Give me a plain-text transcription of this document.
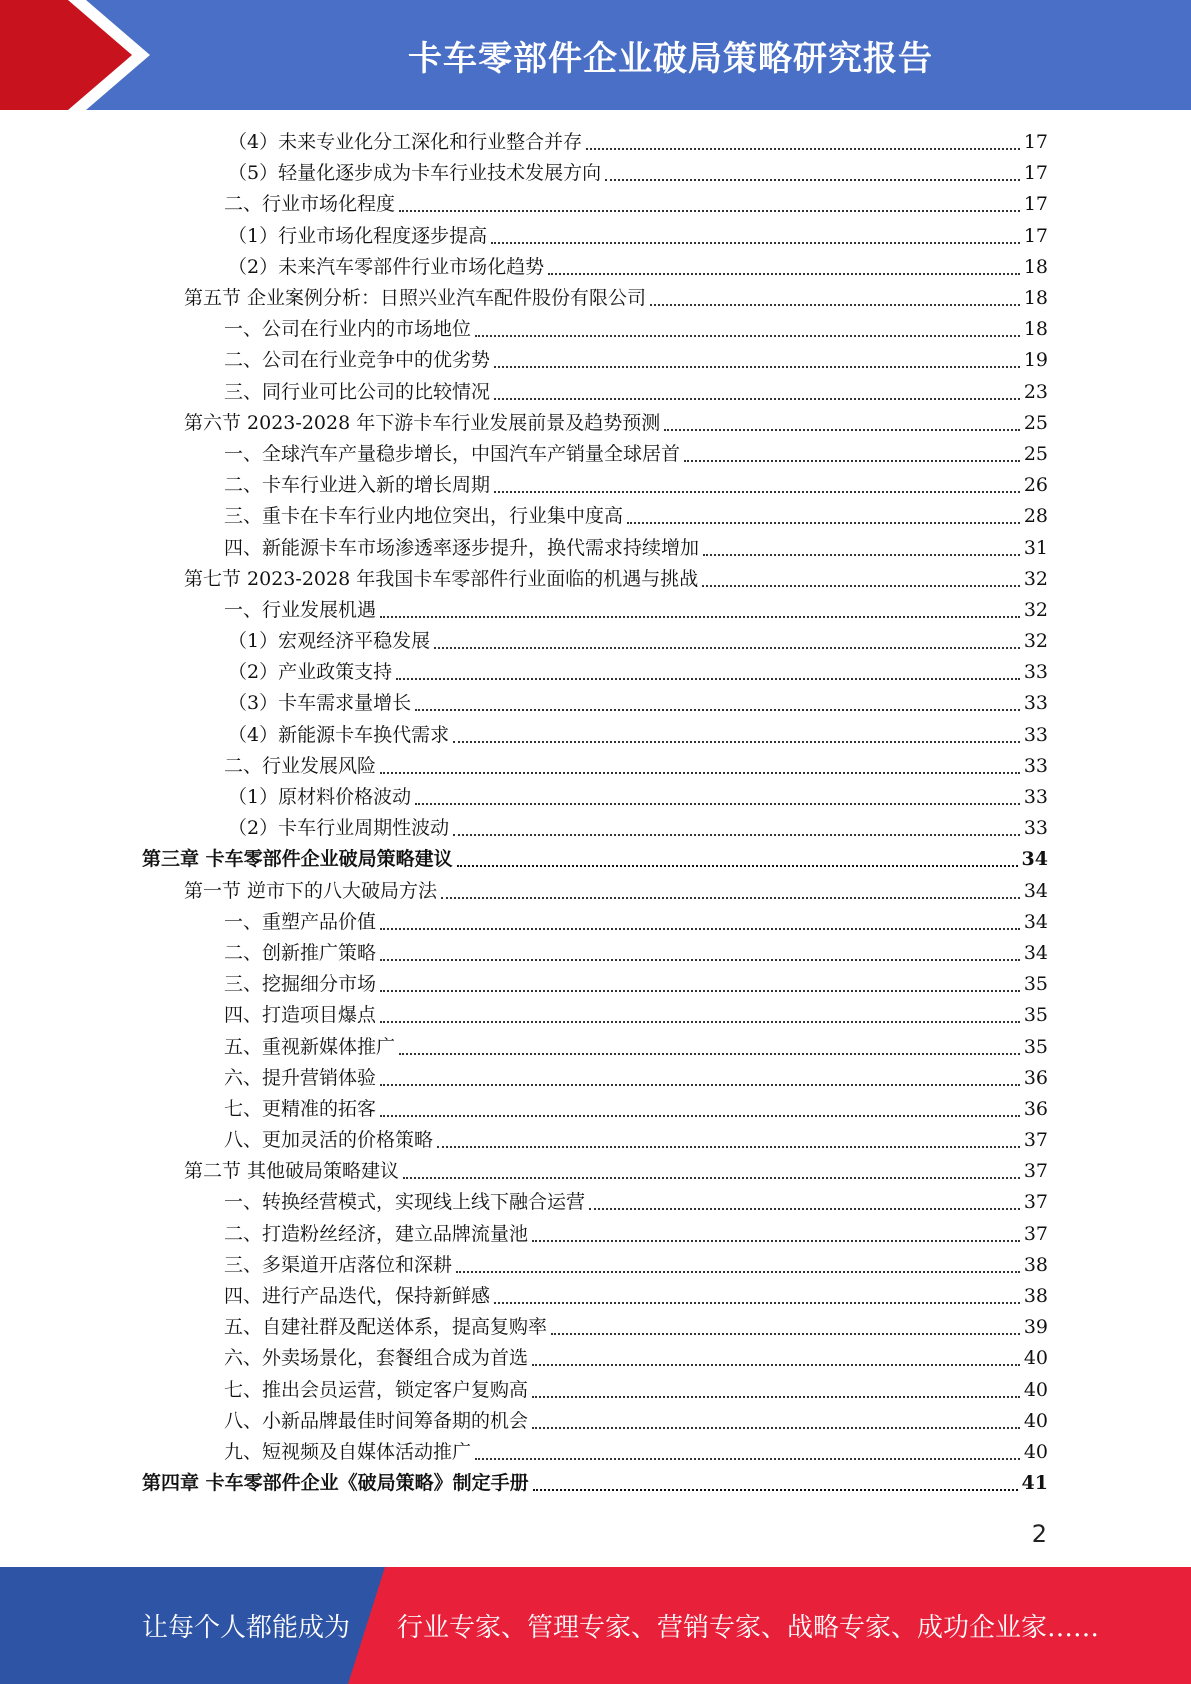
卡车零部件企业破局策略研究报告
（4）未来专业化分工深化和行业整合并存	17
（5）轻量化逐步成为卡车行业技术发展方向	17
二、行业市场化程度	17
（1）行业市场化程度逐步提高	17
（2）未来汽车零部件行业市场化趋势	18
第五节 企业案例分析：日照兴业汽车配件股份有限公司	18
一、公司在行业内的市场地位	18
二、公司在行业竞争中的优劣势	19
三、同行业可比公司的比较情况	23
第六节 2023-2028 年下游卡车行业发展前景及趋势预测	25
一、全球汽车产量稳步增长，中国汽车产销量全球居首	25
二、卡车行业进入新的增长周期	26
三、重卡在卡车行业内地位突出，行业集中度高	28
四、新能源卡车市场渗透率逐步提升，换代需求持续增加	31
第七节 2023-2028 年我国卡车零部件行业面临的机遇与挑战	32
一、行业发展机遇	32
（1）宏观经济平稳发展	32
（2）产业政策支持	33
（3）卡车需求量增长	33
（4）新能源卡车换代需求	33
二、行业发展风险	33
（1）原材料价格波动	33
（2）卡车行业周期性波动	33
第三章 卡车零部件企业破局策略建议	34
第一节 逆市下的八大破局方法	34
一、重塑产品价值	34
二、创新推广策略	34
三、挖掘细分市场	35
四、打造项目爆点	35
五、重视新媒体推广	35
六、提升营销体验	36
七、更精准的拓客	36
八、更加灵活的价格策略	37
第二节 其他破局策略建议	37
一、转换经营模式，实现线上线下融合运营	37
二、打造粉丝经济，建立品牌流量池	37
三、多渠道开店落位和深耕	38
四、进行产品迭代，保持新鲜感	38
五、自建社群及配送体系，提高复购率	39
六、外卖场景化，套餐组合成为首选	40
七、推出会员运营，锁定客户复购高	40
八、小新品牌最佳时间筹备期的机会	40
九、短视频及自媒体活动推广	40
第四章 卡车零部件企业《破局策略》制定手册	41
2
让每个人都能成为 行业专家、管理专家、营销专家、战略专家、成功企业家……
